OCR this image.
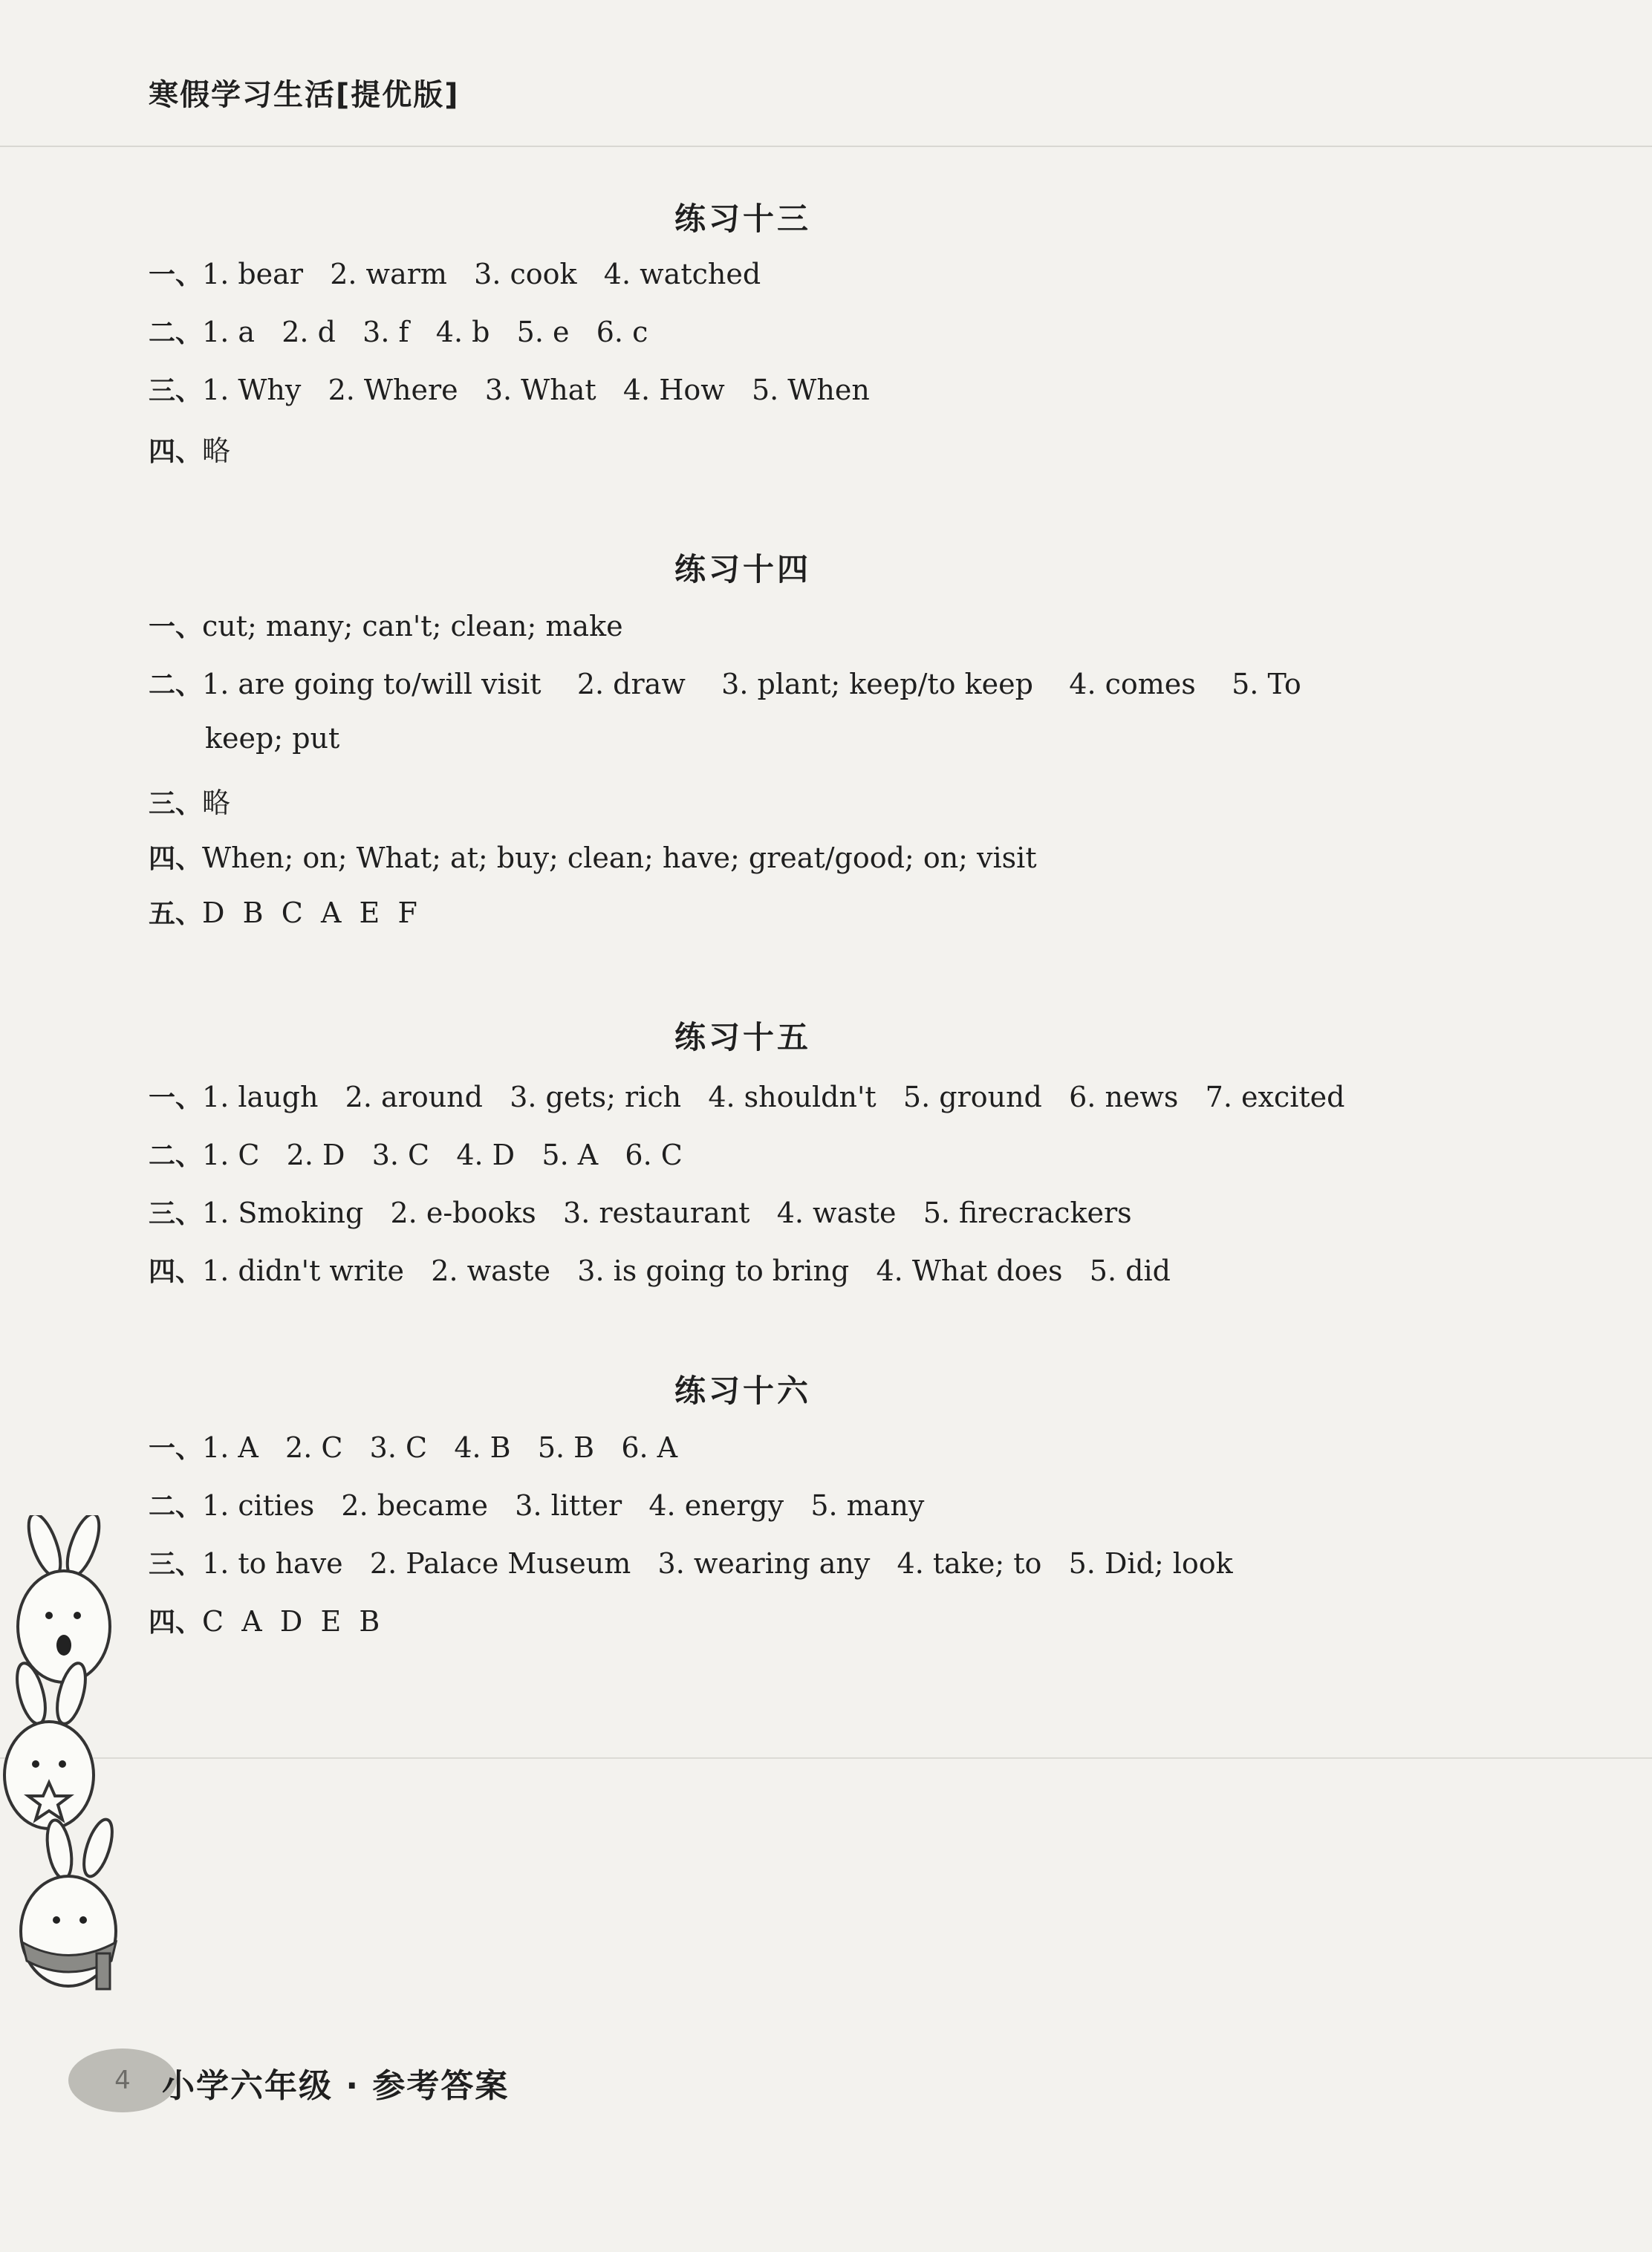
寒假学习生活[提优版]
练习十三
一、1. bear   2. warm   3. cook   4. watched
二、1. a   2. d   3. f   4. b   5. e   6. c
三、1. Why   2. Where   3. What   4. How   5. When
四、略
练习十四
一、cut; many; can't; clean; make
二、1. are going to/will visit    2. draw    3. plant; keep/to keep    4. comes    5. To
keep; put
三、略
四、When; on; What; at; buy; clean; have; great/good; on; visit
五、D  B  C  A  E  F
练习十五
一、1. laugh   2. around   3. gets; rich   4. shouldn't   5. ground   6. news   7. excited
二、1. C   2. D   3. C   4. D   5. A   6. C
三、1. Smoking   2. e-books   3. restaurant   4. waste   5. firecrackers
四、1. didn't write   2. waste   3. is going to bring   4. What does   5. did
练习十六
一、1. A   2. C   3. C   4. B   5. B   6. A
二、1. cities   2. became   3. litter   4. energy   5. many
三、1. to have   2. Palace Museum   3. wearing any   4. take; to   5. Did; look
四、C  A  D  E  B
4 小学六年级 · 参考答案
